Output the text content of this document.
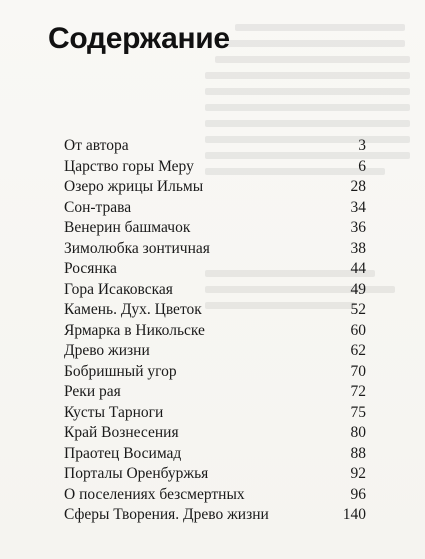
Содержание
От автора	3
Царство горы Меру	6
Озеро жрицы Ильмы	28
Сон-трава	34
Венерин башмачок	36
Зимолюбка зонтичная	38
Росянка	44
Гора Исаковская	49
Камень. Дух. Цветок	52
Ярмарка в Никольске	60
Древо жизни	62
Бобришный угор	70
Реки рая	72
Кусты Тарноги	75
Край Вознесения	80
Праотец Восимад	88
Порталы Оренбуржья	92
О поселениях безсмертных	96
Сферы Творения. Древо жизни	140
